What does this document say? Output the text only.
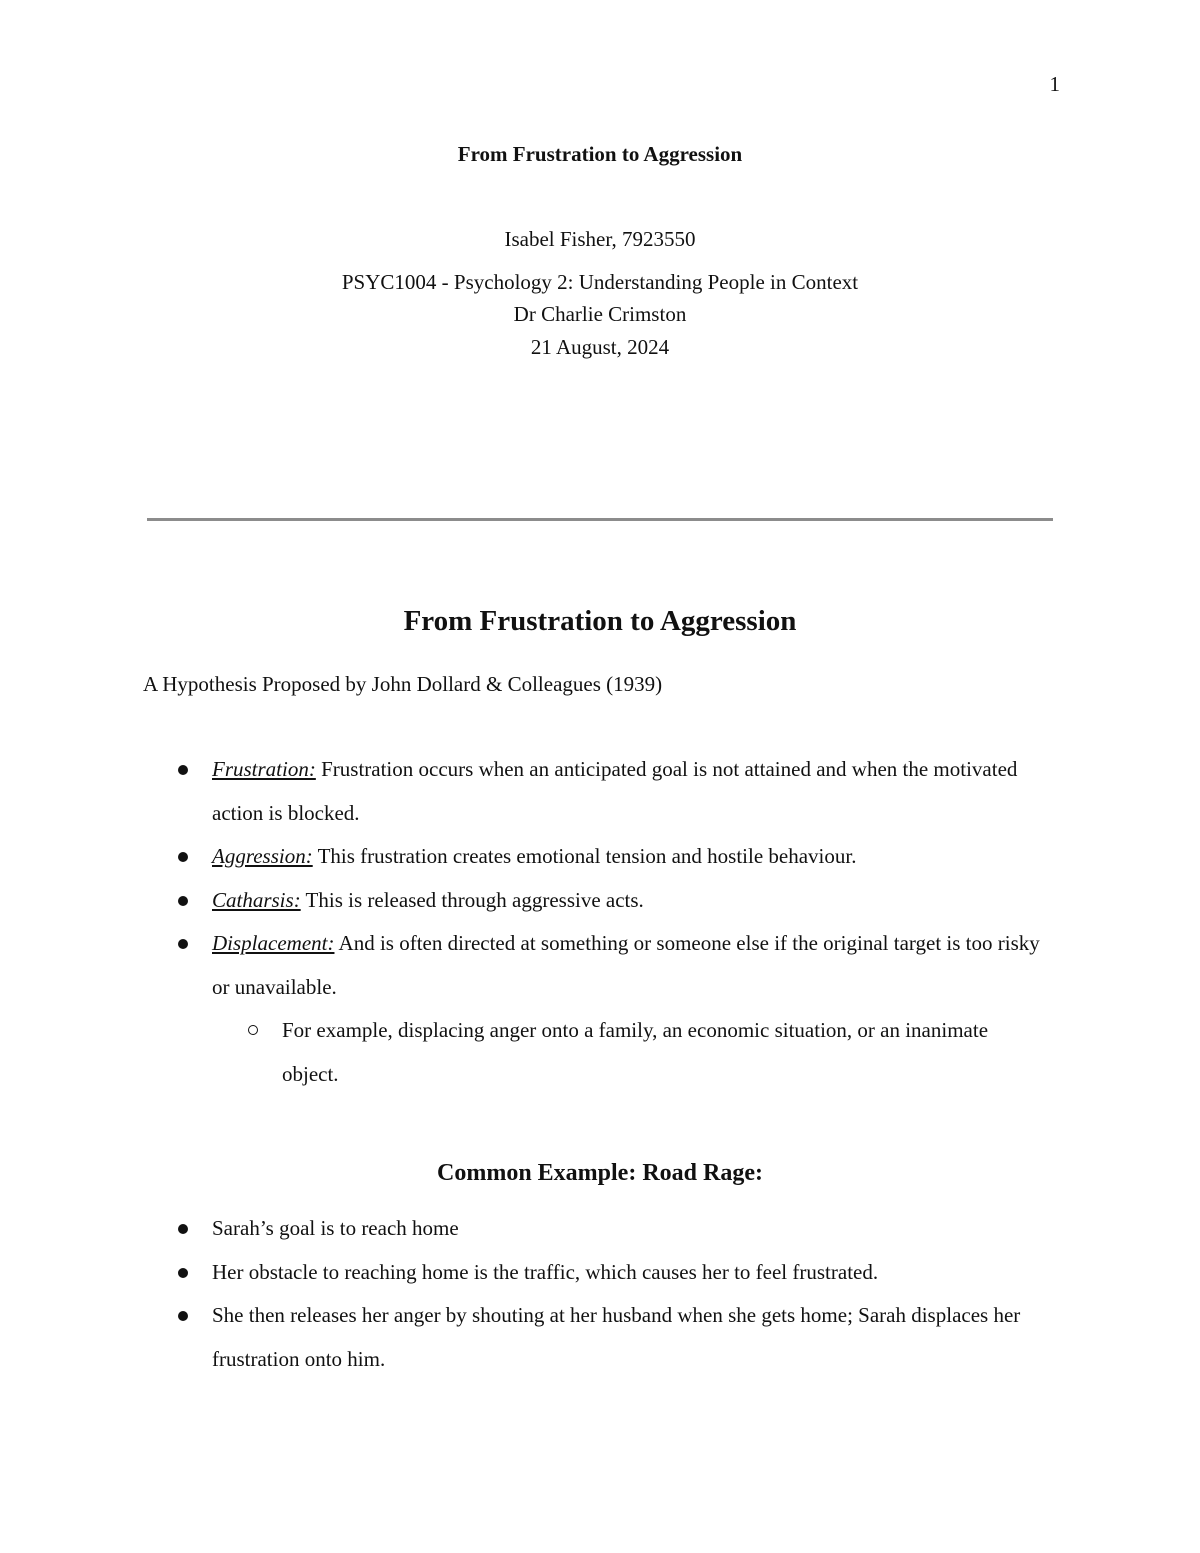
1
From Frustration to Aggression
Isabel Fisher, 7923550
PSYC1004 - Psychology 2: Understanding People in Context
Dr Charlie Crimston
21 August, 2024
From Frustration to Aggression
A Hypothesis Proposed by John Dollard & Colleagues (1939)
Frustration: Frustration occurs when an anticipated goal is not attained and when the motivated action is blocked.
Aggression: This frustration creates emotional tension and hostile behaviour.
Catharsis: This is released through aggressive acts.
Displacement: And is often directed at something or someone else if the original target is too risky or unavailable.
For example, displacing anger onto a family, an economic situation, or an inanimate object.
Common Example: Road Rage:
Sarah’s goal is to reach home
Her obstacle to reaching home is the traffic, which causes her to feel frustrated.
She then releases her anger by shouting at her husband when she gets home; Sarah displaces her frustration onto him.
